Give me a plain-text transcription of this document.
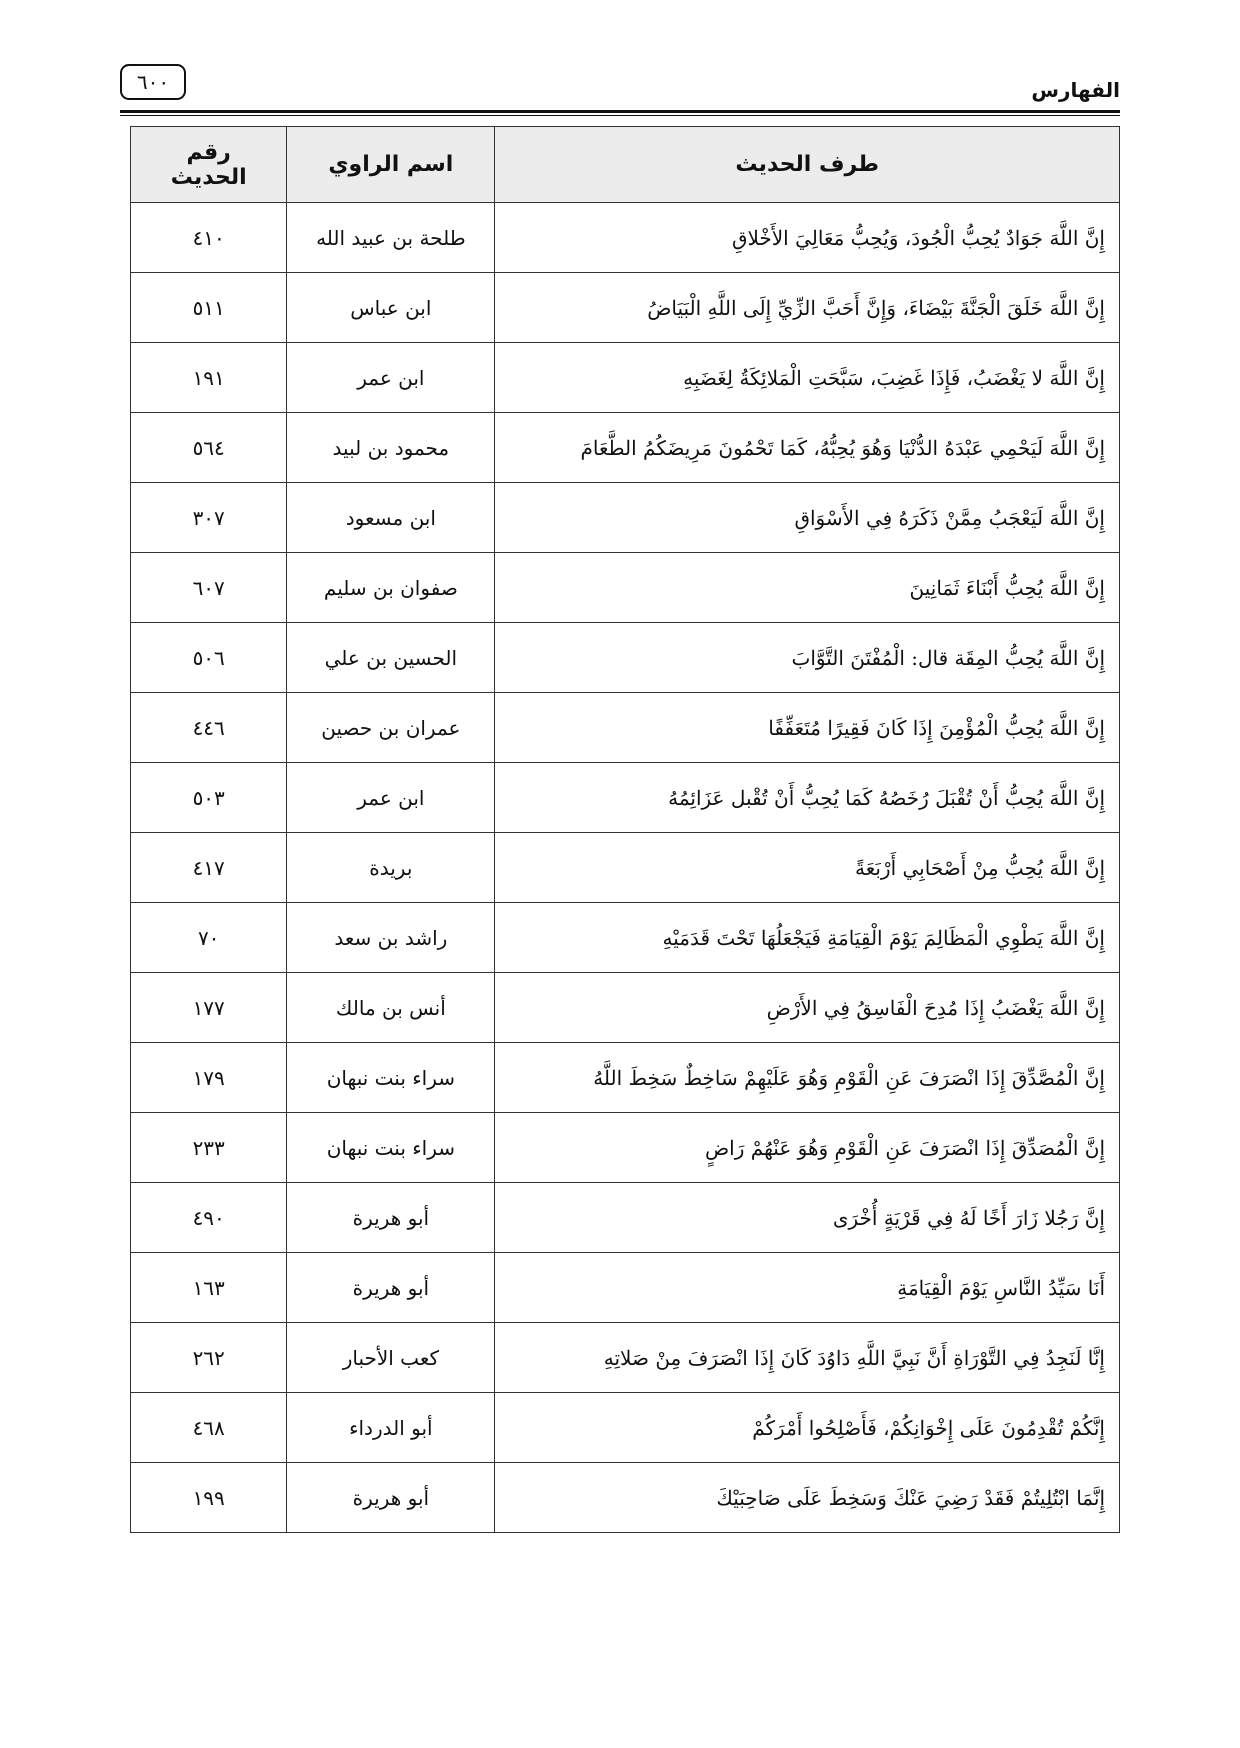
الفهارس
٦٠٠
طرف الحديث	اسم الراوي	رقم الحديث
إِنَّ اللَّهَ جَوَادٌ يُحِبُّ الْجُودَ، وَيُحِبُّ مَعَالِيَ الأَخْلاقِ	طلحة بن عبيد الله	٤١٠
إِنَّ اللَّهَ خَلَقَ الْجَنَّةَ بَيْضَاءَ، وَإِنَّ أَحَبَّ الزِّيِّ إِلَى اللَّهِ الْبَيَاضُ	ابن عباس	٥١١
إِنَّ اللَّهَ لا يَغْضَبُ، فَإِذَا غَضِبَ، سَبَّحَتِ الْمَلائِكَةُ لِغَضَبِهِ	ابن عمر	١٩١
إِنَّ اللَّهَ لَيَحْمِي عَبْدَهُ الدُّنْيَا وَهُوَ يُحِبُّهُ، كَمَا تَحْمُونَ مَرِيضَكُمُ الطَّعَامَ	محمود بن لبيد	٥٦٤
إِنَّ اللَّهَ لَيَعْجَبُ مِمَّنْ ذَكَرَهُ فِي الأَسْوَاقِ	ابن مسعود	٣٠٧
إِنَّ اللَّهَ يُحِبُّ أَبْنَاءَ ثَمَانِينَ	صفوان بن سليم	٦٠٧
إِنَّ اللَّهَ يُحِبُّ المِقَة قال: الْمُفْتَنَ التَّوَّابَ	الحسين بن علي	٥٠٦
إِنَّ اللَّهَ يُحِبُّ الْمُؤْمِنَ إِذَا كَانَ فَقِيرًا مُتَعَفِّفًا	عمران بن حصين	٤٤٦
إِنَّ اللَّهَ يُحِبُّ أَنْ تُقْبَلَ رُخَصُهُ كَمَا يُحِبُّ أَنْ تُقْبل عَزَائِمُهُ	ابن عمر	٥٠٣
إِنَّ اللَّهَ يُحِبُّ مِنْ أَصْحَابِي أَرْبَعَةً	بريدة	٤١٧
إِنَّ اللَّهَ يَطْوِي الْمَظَالِمَ يَوْمَ الْقِيَامَةِ فَيَجْعَلُهَا تَحْتَ قَدَمَيْهِ	راشد بن سعد	٧٠
إِنَّ اللَّهَ يَغْضَبُ إِذَا مُدِحَ الْفَاسِقُ فِي الأَرْضِ	أنس بن مالك	١٧٧
إِنَّ الْمُصَّدِّقَ إِذَا انْصَرَفَ عَنِ الْقَوْمِ وَهُوَ عَلَيْهِمْ سَاخِطٌ سَخِطَ اللَّهُ	سراء بنت نبهان	١٧٩
إِنَّ الْمُصَدِّقَ إِذَا انْصَرَفَ عَنِ الْقَوْمِ وَهُوَ عَنْهُمْ رَاضٍ	سراء بنت نبهان	٢٣٣
إِنَّ رَجُلا زَارَ أَخًا لَهُ فِي قَرْيَةٍ أُخْرَى	أبو هريرة	٤٩٠
أَنَا سَيِّدُ النَّاسِ يَوْمَ الْقِيَامَةِ	أبو هريرة	١٦٣
إِنَّا لَنَجِدُ فِي التَّوْرَاةِ أَنَّ نَبِيَّ اللَّهِ دَاوُدَ كَانَ إِذَا انْصَرَفَ مِنْ صَلاتِهِ	كعب الأحبار	٢٦٢
إِنَّكُمْ تُقْدِمُونَ عَلَى إِخْوَانِكُمْ، فَأَصْلِحُوا أَمْرَكُمْ	أبو الدرداء	٤٦٨
إِنَّمَا ابْتُلِيتُمْ فَقَدْ رَضِيَ عَنْكَ وَسَخِطَ عَلَى صَاحِبَيْكَ	أبو هريرة	١٩٩
